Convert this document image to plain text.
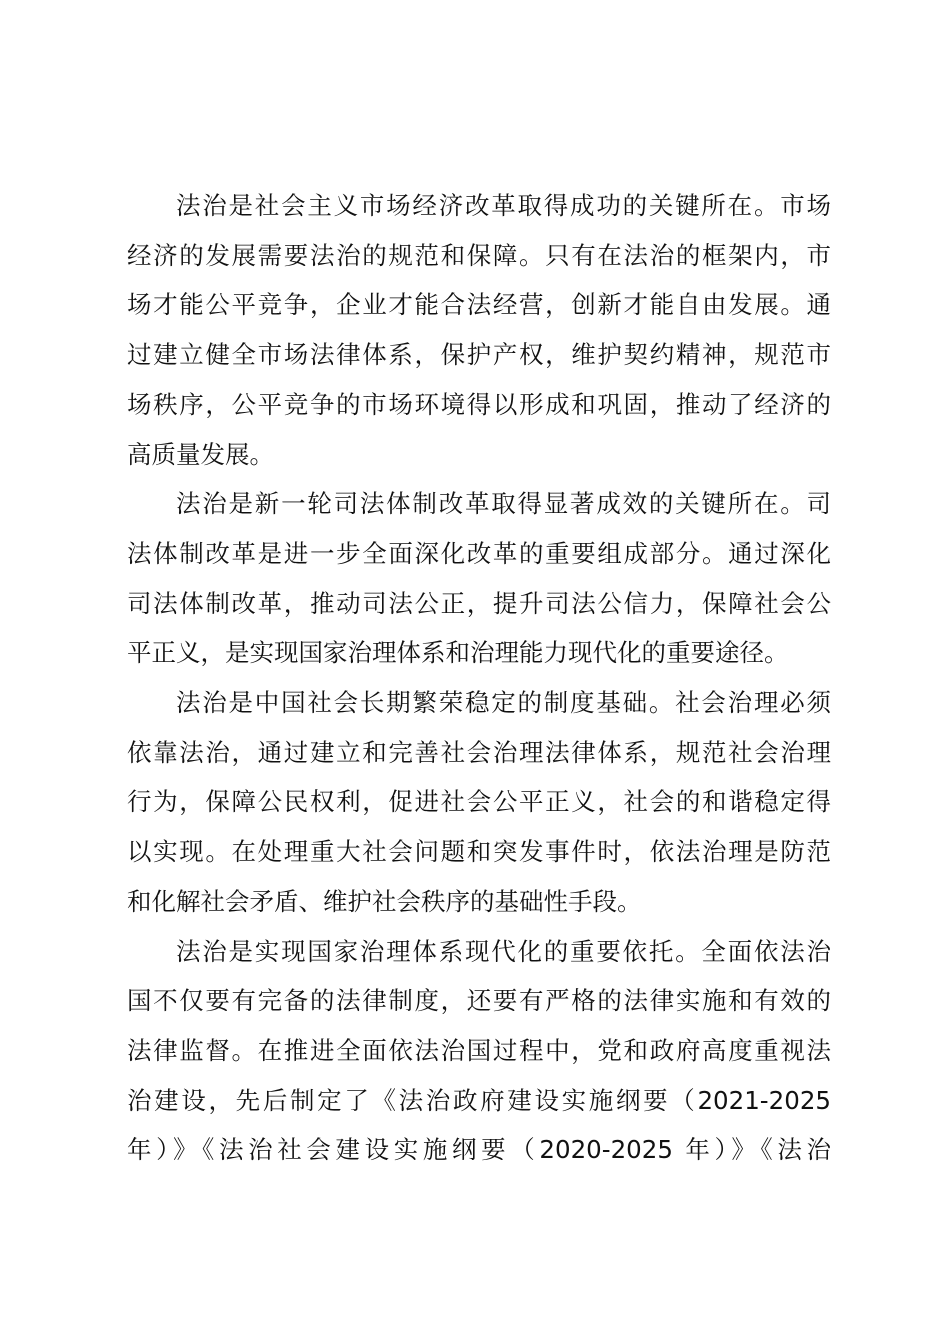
法治是社会主义市场经济改革取得成功的关键所在。市场
经济的发展需要法治的规范和保障。只有在法治的框架内，市
场才能公平竞争，企业才能合法经营，创新才能自由发展。通
过建立健全市场法律体系，保护产权，维护契约精神，规范市
场秩序，公平竞争的市场环境得以形成和巩固，推动了经济的
高质量发展。
法治是新一轮司法体制改革取得显著成效的关键所在。司
法体制改革是进一步全面深化改革的重要组成部分。通过深化
司法体制改革，推动司法公正，提升司法公信力，保障社会公
平正义，是实现国家治理体系和治理能力现代化的重要途径。
法治是中国社会长期繁荣稳定的制度基础。社会治理必须
依靠法治，通过建立和完善社会治理法律体系，规范社会治理
行为，保障公民权利，促进社会公平正义，社会的和谐稳定得
以实现。在处理重大社会问题和突发事件时，依法治理是防范
和化解社会矛盾、维护社会秩序的基础性手段。
法治是实现国家治理体系现代化的重要依托。全面依法治
国不仅要有完备的法律制度，还要有严格的法律实施和有效的
法律监督。在推进全面依法治国过程中，党和政府高度重视法
治建设，先后制定了《法治政府建设实施纲要（2021-2025
年）》《法治社会建设实施纲要（2020-2025 年）》《法治
